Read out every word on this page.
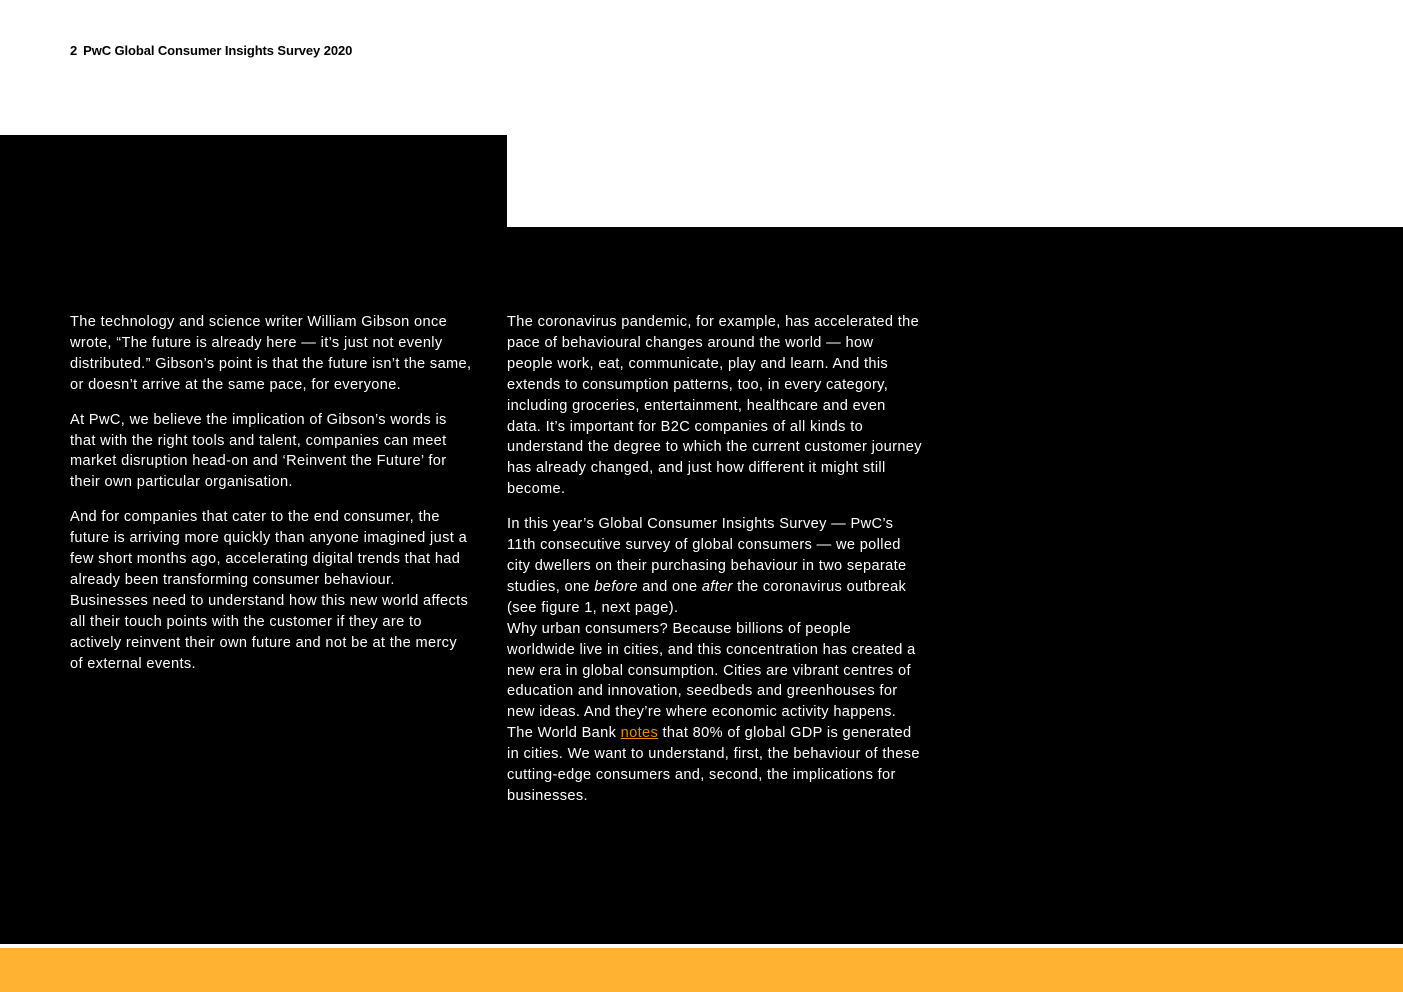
2 PwC Global Consumer Insights Survey 2020

The technology and science writer William Gibson once wrote, “The future is already here — it’s just not evenly distributed.” Gibson’s point is that the future isn’t the same, or doesn’t arrive at the same pace, for everyone.

At PwC, we believe the implication of Gibson’s words is that with the right tools and talent, companies can meet market disruption head-on and ‘Reinvent the Future’ for their own particular organisation.

And for companies that cater to the end consumer, the future is arriving more quickly than anyone imagined just a few short months ago, accelerating digital trends that had already been transforming consumer behaviour. Businesses need to understand how this new world affects all their touch points with the customer if they are to actively reinvent their own future and not be at the mercy of external events.

The coronavirus pandemic, for example, has accelerated the pace of behavioural changes around the world — how people work, eat, communicate, play and learn. And this extends to consumption patterns, too, in every category, including groceries, entertainment, healthcare and even data. It’s important for B2C companies of all kinds to understand the degree to which the current customer journey has already changed, and just how different it might still become.

In this year’s Global Consumer Insights Survey — PwC’s 11th consecutive survey of global consumers — we polled city dwellers on their purchasing behaviour in two separate studies, one before and one after the coronavirus outbreak (see figure 1, next page).

Why urban consumers? Because billions of people worldwide live in cities, and this concentration has created a new era in global consumption. Cities are vibrant centres of education and innovation, seedbeds and greenhouses for new ideas. And they’re where economic activity happens. The World Bank notes that 80% of global GDP is generated in cities. We want to understand, first, the behaviour of these cutting-edge consumers and, second, the implications for businesses.
